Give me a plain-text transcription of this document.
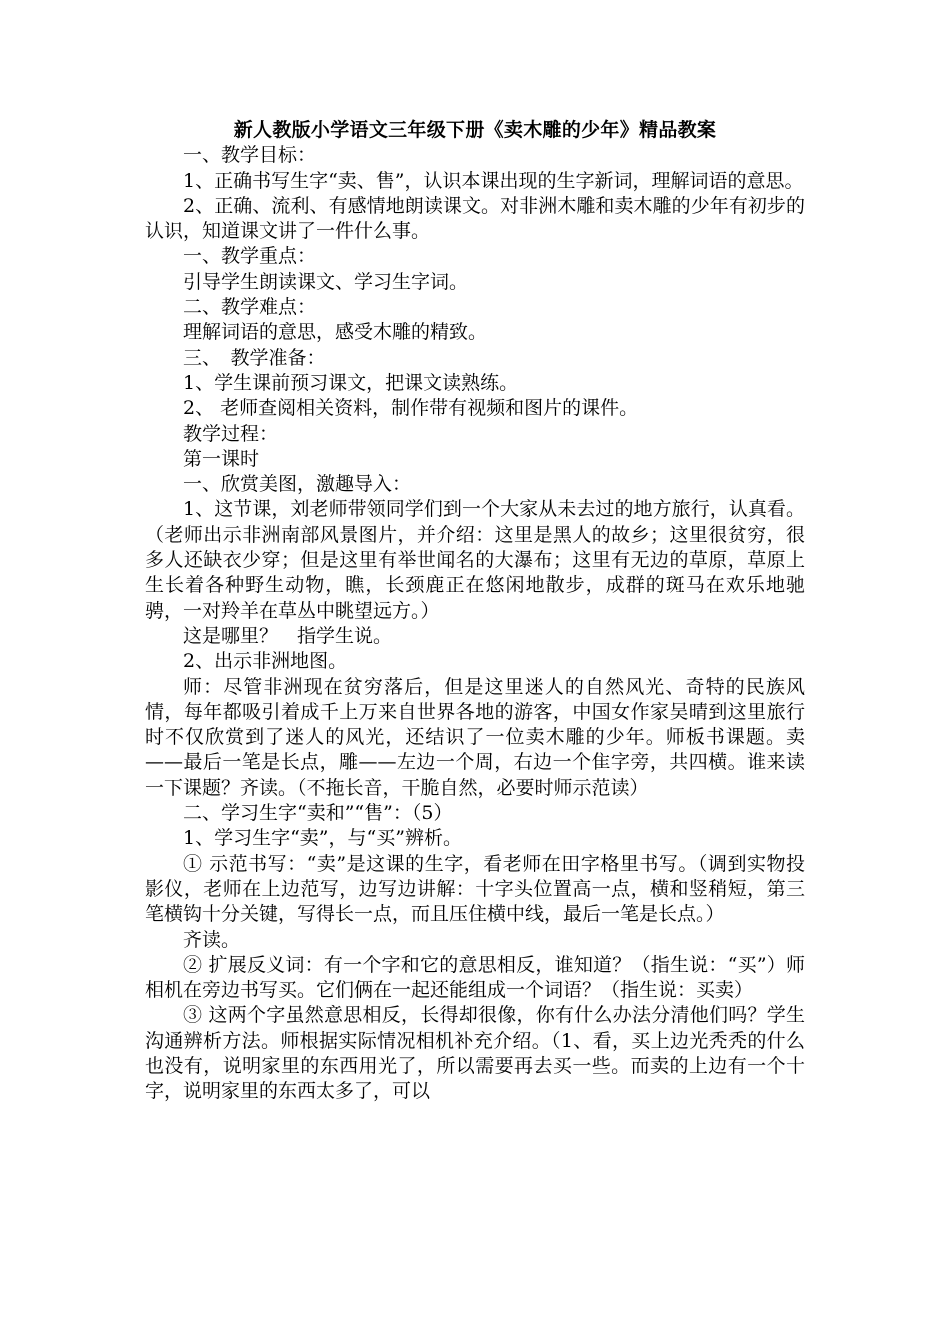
新人教版小学语文三年级下册《卖木雕的少年》精品教案

一、教学目标：

1、正确书写生字“卖、售”，认识本课出现的生字新词，理解词语的意思。

2、正确、流利、有感情地朗读课文。对非洲木雕和卖木雕的少年有初步的认识，知道课文讲了一件什么事。

一、教学重点：

引导学生朗读课文、学习生字词。

二、教学难点：

理解词语的意思，感受木雕的精致。

三、　教学准备：

1、学生课前预习课文，把课文读熟练。

2、 老师查阅相关资料，制作带有视频和图片的课件。

教学过程：

第一课时

一、欣赏美图，激趣导入：

1、这节课，刘老师带领同学们到一个大家从未去过的地方旅行，认真看。（老师出示非洲南部风景图片，并介绍：这里是黑人的故乡；这里很贫穷，很多人还缺衣少穿；但是这里有举世闻名的大瀑布；这里有无边的草原，草原上生长着各种野生动物，瞧，长颈鹿正在悠闲地散步，成群的斑马在欢乐地驰骋，一对羚羊在草丛中眺望远方。）

这是哪里？　指学生说。

2、出示非洲地图。

师：尽管非洲现在贫穷落后，但是这里迷人的自然风光、奇特的民族风情，每年都吸引着成千上万来自世界各地的游客，中国女作家吴晴到这里旅行时不仅欣赏到了迷人的风光，还结识了一位卖木雕的少年。师板书课题。卖——最后一笔是长点，雕——左边一个周，右边一个隹字旁，共四横。谁来读一下课题？齐读。（不拖长音，干脆自然，必要时师示范读）

二、学习生字“卖和”“售”：（5）

1、学习生字“卖”，与“买”辨析。

① 示范书写：“卖”是这课的生字，看老师在田字格里书写。（调到实物投影仪，老师在上边范写，边写边讲解：十字头位置高一点，横和竖稍短，第三笔横钩十分关键，写得长一点，而且压住横中线，最后一笔是长点。）

齐读。

② 扩展反义词：有一个字和它的意思相反，谁知道？（指生说：“买”）师相机在旁边书写买。它们俩在一起还能组成一个词语？（指生说：买卖）

③ 这两个字虽然意思相反，长得却很像，你有什么办法分清他们吗？学生沟通辨析方法。师根据实际情况相机补充介绍。（1、看，买上边光秃秃的什么也没有，说明家里的东西用光了，所以需要再去买一些。而卖的上边有一个十字，说明家里的东西太多了，可以
